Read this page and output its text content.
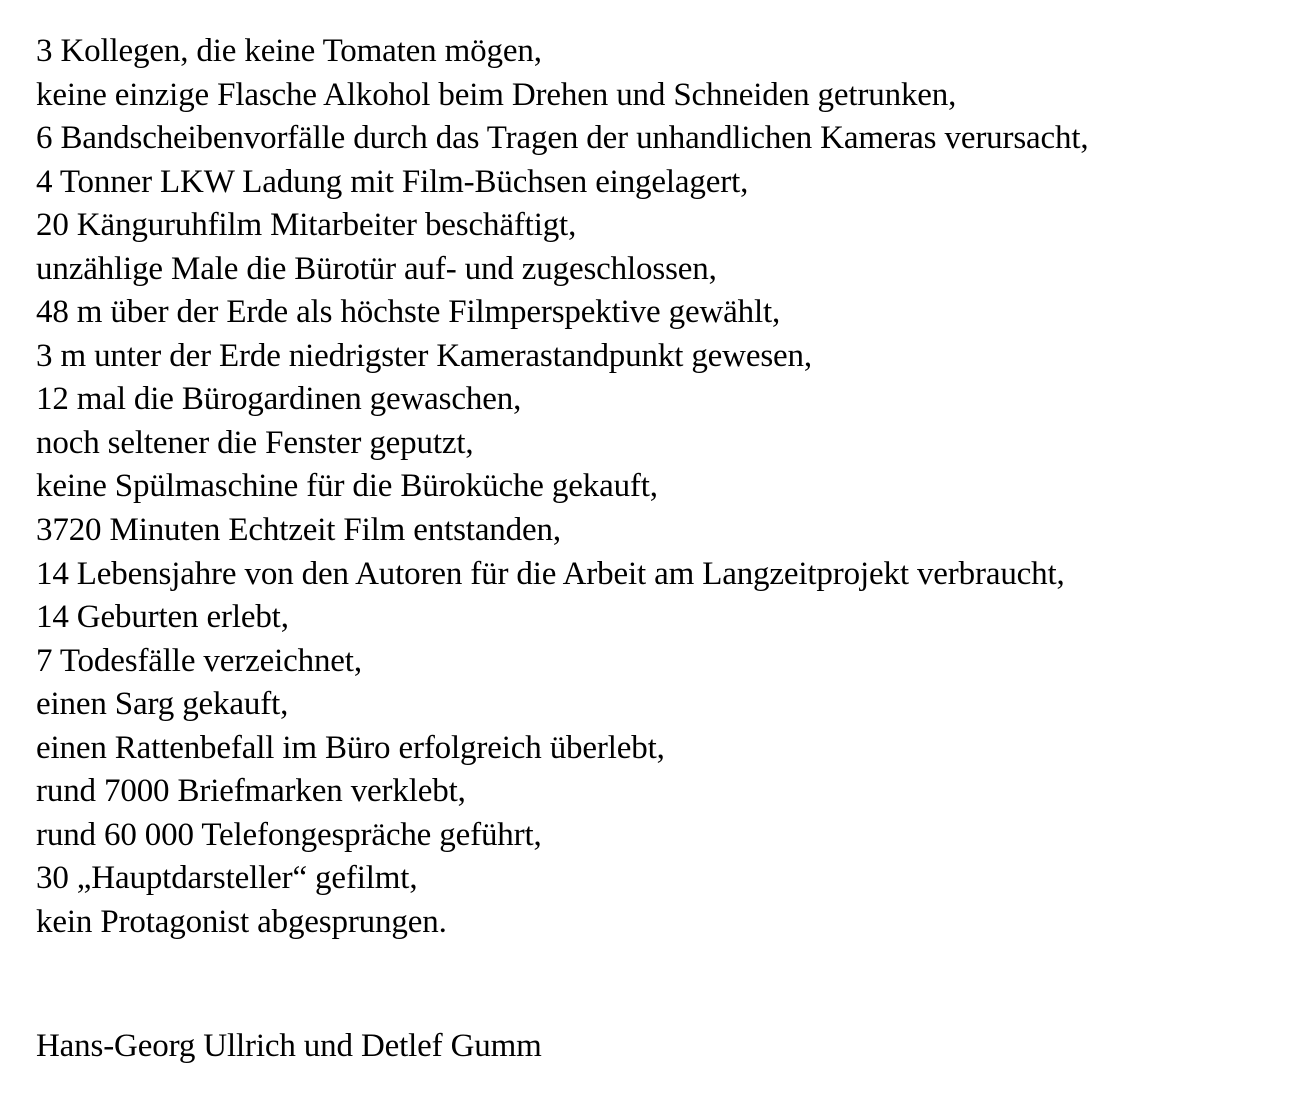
3 Kollegen, die keine Tomaten mögen,
keine einzige Flasche Alkohol beim Drehen und Schneiden getrunken,
6 Bandscheibenvorfälle durch das Tragen der unhandlichen Kameras verursacht,
4 Tonner LKW Ladung mit Film-Büchsen eingelagert,
20 Känguruhfilm Mitarbeiter beschäftigt,
unzählige Male die Bürotür auf- und zugeschlossen,
48 m über der Erde als höchste Filmperspektive gewählt,
3 m unter der Erde niedrigster Kamerastandpunkt gewesen,
12 mal die Bürogardinen gewaschen,
noch seltener die Fenster geputzt,
keine Spülmaschine für die Büroküche gekauft,
3720 Minuten Echtzeit Film entstanden,
14 Lebensjahre von den Autoren für die Arbeit am Langzeitprojekt verbraucht,
14 Geburten erlebt,
7 Todesfälle verzeichnet,
einen Sarg gekauft,
einen Rattenbefall im Büro erfolgreich überlebt,
rund 7000 Briefmarken verklebt,
rund 60 000 Telefongespräche geführt,
30 „Hauptdarsteller“ gefilmt,
kein Protagonist abgesprungen.
Hans-Georg Ullrich und Detlef Gumm
